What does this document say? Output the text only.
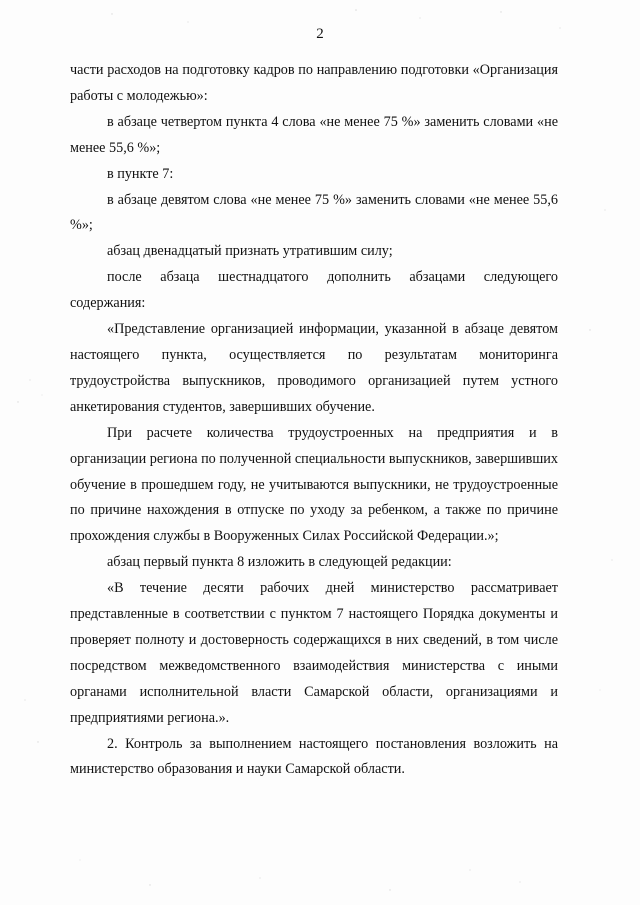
2

части расходов на подготовку кадров по направлению подготовки «Организация работы с молодежью»:

в абзаце четвертом пункта 4 слова «не менее 75 %» заменить словами «не менее 55,6 %»;

в пункте 7:

в абзаце девятом слова «не менее 75 %» заменить словами «не менее 55,6 %»;

абзац двенадцатый признать утратившим силу;

после абзаца шестнадцатого дополнить абзацами следующего содержания:

«Представление организацией информации, указанной в абзаце девятом настоящего пункта, осуществляется по результатам мониторинга трудоустройства выпускников, проводимого организацией путем устного анкетирования студентов, завершивших обучение.

При расчете количества трудоустроенных на предприятия и в организации региона по полученной специальности выпускников, завершивших обучение в прошедшем году, не учитываются выпускники, не трудоустроенные по причине нахождения в отпуске по уходу за ребенком, а также по причине прохождения службы в Вооруженных Силах Российской Федерации.»;

абзац первый пункта 8 изложить в следующей редакции:

«В течение десяти рабочих дней министерство рассматривает представленные в соответствии с пунктом 7 настоящего Порядка документы и проверяет полноту и достоверность содержащихся в них сведений, в том числе посредством межведомственного взаимодействия министерства с иными органами исполнительной власти Самарской области, организациями и предприятиями региона.».

2. Контроль за выполнением настоящего постановления возложить на министерство образования и науки Самарской области.
